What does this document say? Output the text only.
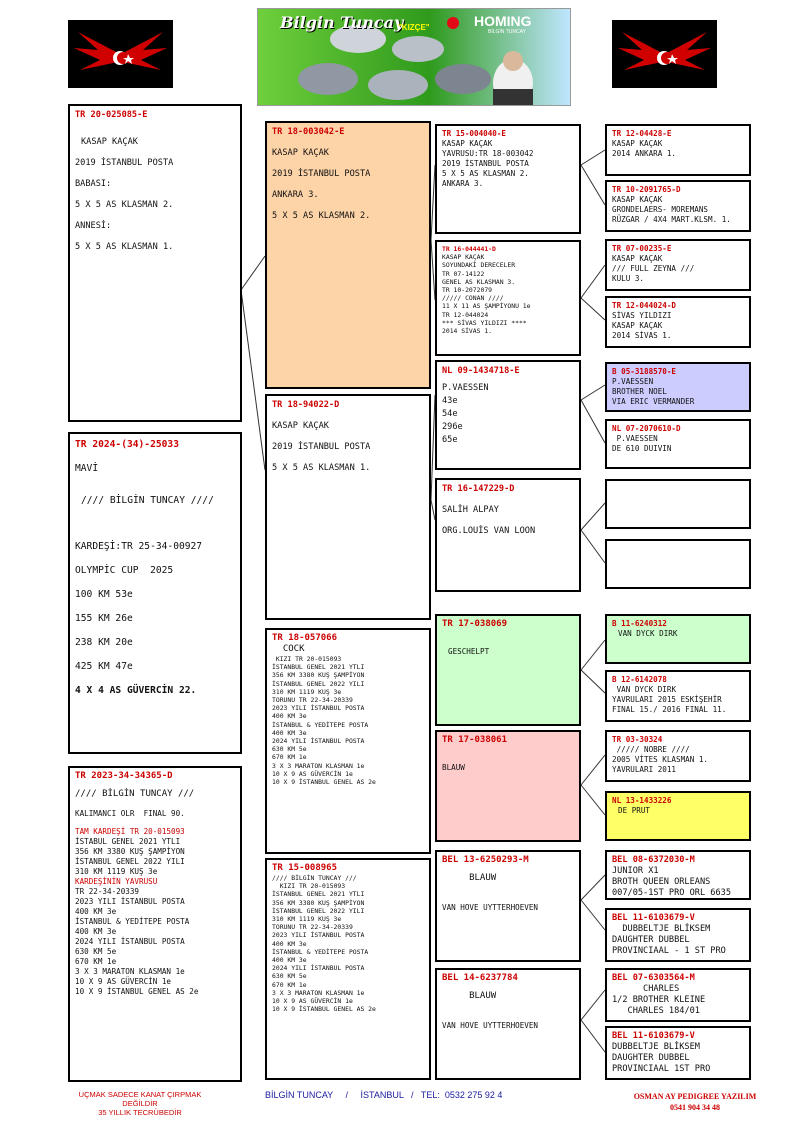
Bilgin Tuncay
"KIZÇE"	HOMING
BİLGİN TUNCAY

TR 20-025085-E

KASAP KAÇAK

2019 İSTANBUL POSTA

BABASI:

5 X 5 AS KLASMAN 2.

ANNESİ:

5 X 5 AS KLASMAN 1.

TR 2024-(34)-25033

MAVİ

//// BİLGİN TUNCAY ////

KARDEŞİ:TR 25-34-00927

OLYMPİC CUP  2025

100 KM 53e

155 KM 26e

238 KM 20e

425 KM 47e

4 X 4 AS GÜVERCİN 22.

TR 2023-34-34365-D

//// BİLGİN TUNCAY ///

KALIMANCI OLR  FINAL 90.

TAM KARDEŞİ TR 20-015093

İSTABUL GENEL 2021 YTLI

356 KM 3380 KUŞ ŞAMPİYON

İSTANBUL GENEL 2022 YILI

310 KM 1119 KUŞ 3e

KARDEŞİNİN YAVRUSU

TR 22-34-20339

2023 YILI İSTANBUL POSTA

400 KM 3e

İSTANBUL & YEDİTEPE POSTA

400 KM 3e

2024 YILI İSTANBUL POSTA

630 KM 5e

670 KM 1e

3 X 3 MARATON KLASMAN 1e

10 X 9 AS GÜVERCİN 1e

10 X 9 İSTANBUL GENEL AS 2e

TR 18-003042-E

KASAP KAÇAK

2019 İSTANBUL POSTA

ANKARA 3.

5 X 5 AS KLASMAN 2.

TR 18-94022-D

KASAP KAÇAK

2019 İSTANBUL POSTA

5 X 5 AS KLASMAN 1.

TR 18-057066

COCK

KIZI TR 20-015093

İSTANBUL GENEL 2021 YTLI

356 KM 3380 KUŞ ŞAMPİYON

İSTANBUL GENEL 2022 YILI

310 KM 1119 KUŞ 3e

TORUNU TR 22-34-20339

2023 YILI İSTANBUL POSTA

400 KM 3e

İSTANBUL & YEDİTEPE POSTA

400 KM 3e

2024 YILI İSTANBUL POSTA

630 KM 5e

670 KM 1e

3 X 3 MARATON KLASMAN 1e

10 X 9 AS GÜVERCİN 1e

10 X 9 İSTANBUL GENEL AS 2e

TR 15-008965

//// BİLGİN TUNCAY ///

KIZI TR 20-015093

İSTANBUL GENEL 2021 YTLI

356 KM 3380 KUŞ ŞAMPİYON

İSTANBUL GENEL 2022 YILI

310 KM 1119 KUŞ 3e

TORUNU TR 22-34-20339

2023 YILI İSTANBUL POSTA

400 KM 3e

İSTANBUL & YEDİTEPE POSTA

400 KM 3e

2024 YILI İSTANBUL POSTA

630 KM 5e

670 KM 1e

3 X 3 MARATON KLASMAN 1e

10 X 9 AS GÜVERCİN 1e

10 X 9 İSTANBUL GENEL AS 2e

TR 15-004040-E

KASAP KAÇAK

YAVRUSU:TR 18-003042

2019 İSTANBUL POSTA

5 X 5 AS KLASMAN 2.

ANKARA 3.

TR 16-044441-D

KASAP KAÇAK

SOYUNDAKİ DERECELER

TR 07-14122

GENEL AS KLASMAN 3.

TR 10-2072079

///// CONAN ////

11 X 11 AS ŞAMPİYONU 1e

TR 12-044024

*** SİVAS YILDIZI ****

2014 SİVAS 1.

NL 09-1434718-E

P.VAESSEN

43e

54e

296e

65e

TR 16-147229-D

SALİH ALPAY

ORG.LOUİS VAN LOON

TR 17-038069

GESCHELPT

TR 17-038061

BLAUW

BEL 13-6250293-M

BLAUW

VAN HOVE UYTTERHOEVEN

BEL 14-6237784

BLAUW

VAN HOVE UYTTERHOEVEN

TR 12-04428-E

KASAP KAÇAK

2014 ANKARA 1.

TR 10-2091765-D

KASAP KAÇAK

GRONDELAERS- MOREMANS

RÜZGAR / 4X4 MART.KLSM. 1.

TR 07-00235-E

KASAP KAÇAK

/// FULL ZEYNA ///

KULU 3.

TR 12-044024-D

SİVAS YILDIZI

KASAP KAÇAK

2014 SİVAS 1.

B 05-3188570-E

P.VAESSEN

BROTHER NOEL

VIA ERIC VERMANDER

NL 07-2070610-D

P.VAESSEN

DE 610 DUIVIN

B 11-6240312

VAN DYCK DIRK

B 12-6142078

VAN DYCK DIRK

YAVRULARI 2015 ESKİŞEHİR

FINAL 15./ 2016 FINAL 11.

TR 03-30324

///// NOBRE ////

2005 VİTES KLASMAN 1.

YAVRULARI 2011

NL 13-1433226

DE PRUT

BEL 08-6372030-M

JUNIOR X1

BROTH QUEEN ORLEANS

007/05-1ST PRO ORL 6635

BEL 11-6103679-V

DUBBELTJE BLİKSEM

DAUGHTER DUBBEL

PROVINCIAAL - 1 ST PRO

BEL 07-6303564-M

CHARLES

1/2 BROTHER KLEINE

CHARLES 184/01

BEL 11-6103679-V

DUBBELTJE BLİKSEM

DAUGHTER DUBBEL

PROVINCIAAL 1ST PRO

UÇMAK SADECE KANAT ÇIRPMAK
DEĞİLDİR
35 YILLIK TECRÜBEDİR
BİLGİN TUNCAY     /     İSTANBUL   /   TEL:  0532 275 92 4	OSMAN AY PEDIGREE YAZILIM
0541 904 34 48
